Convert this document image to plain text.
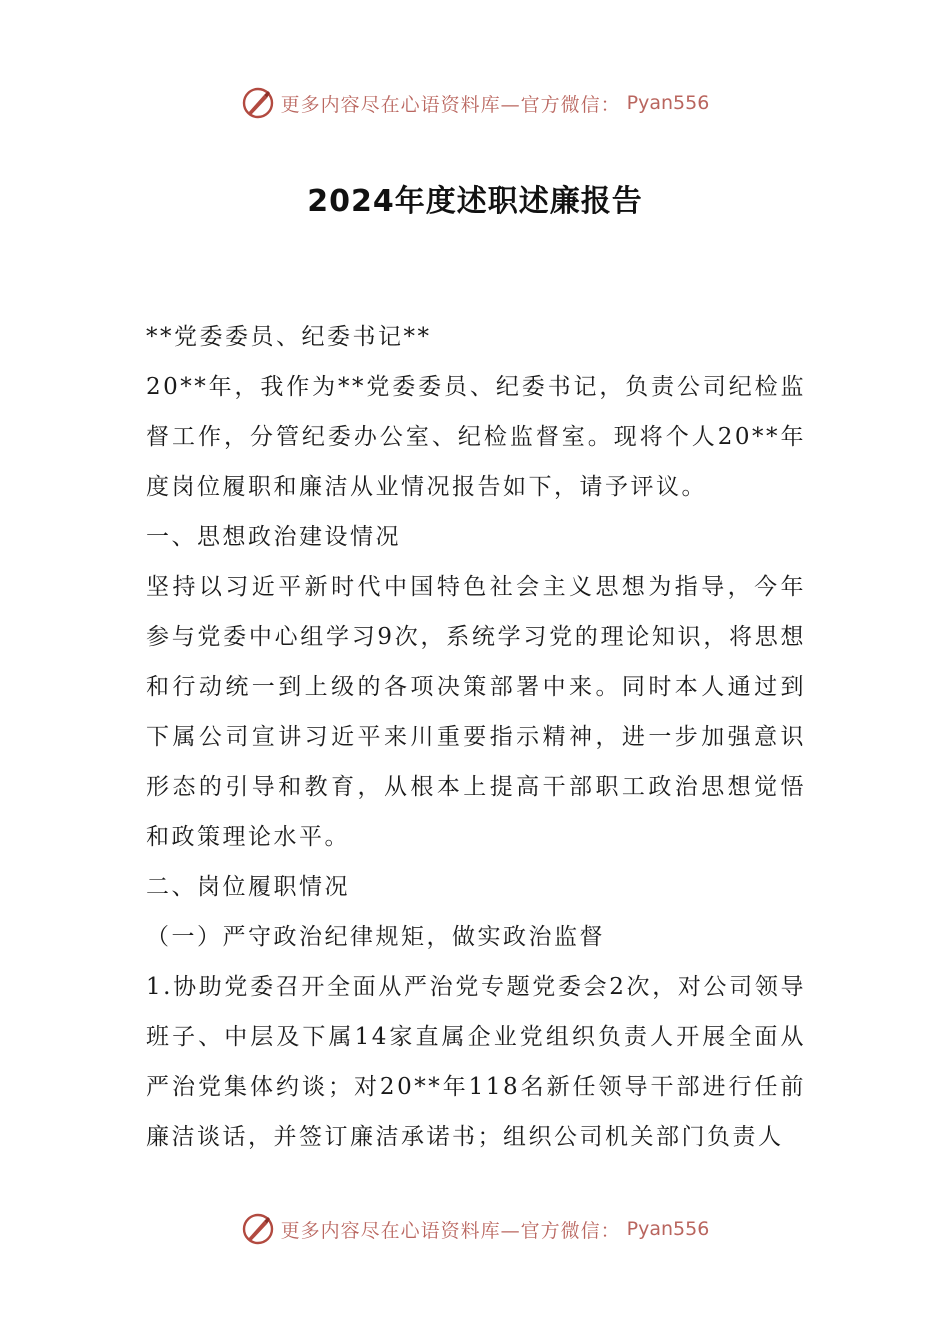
更多内容尽在心语资料库—官方微信： Pyan556
2024年度述职述廉报告

**党委委员、纪委书记**

20**年，我作为**党委委员、纪委书记，负责公司纪检监督工作，分管纪委办公室、纪检监督室。现将个人20**年度岗位履职和廉洁从业情况报告如下，请予评议。

一、思想政治建设情况

坚持以习近平新时代中国特色社会主义思想为指导，今年参与党委中心组学习9次，系统学习党的理论知识，将思想和行动统一到上级的各项决策部署中来。同时本人通过到下属公司宣讲习近平来川重要指示精神，进一步加强意识形态的引导和教育，从根本上提高干部职工政治思想觉悟和政策理论水平。

二、岗位履职情况

（一）严守政治纪律规矩，做实政治监督

1.协助党委召开全面从严治党专题党委会2次，对公司领导班子、中层及下属14家直属企业党组织负责人开展全面从严治党集体约谈；对20**年118名新任领导干部进行任前廉洁谈话，并签订廉洁承诺书；组织公司机关部门负责人

更多内容尽在心语资料库—官方微信： Pyan556
